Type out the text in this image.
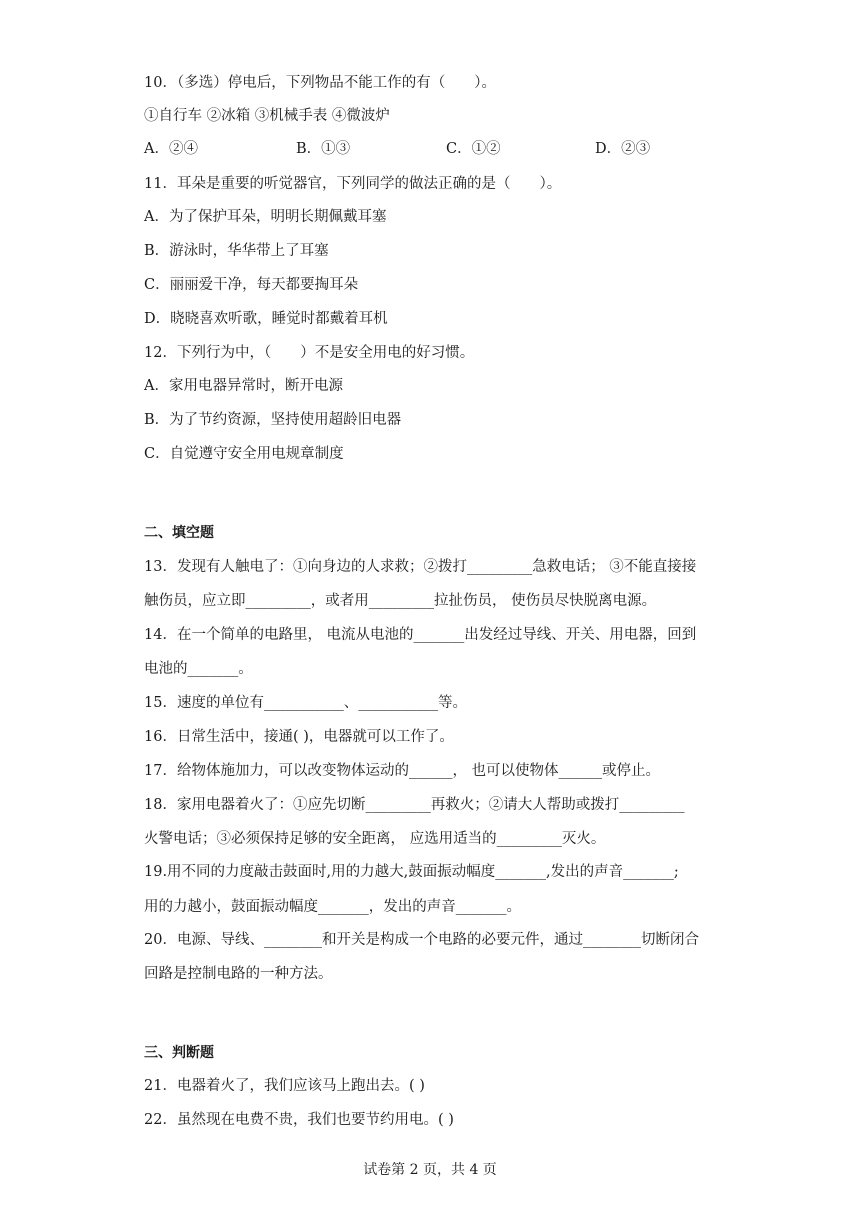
10．（多选）停电后，下列物品不能工作的有（　　）。
①自行车 ②冰箱 ③机械手表 ④微波炉
A．②④	B．①③	C．①②	D．②③
11．耳朵是重要的听觉器官，下列同学的做法正确的是（　　）。
A．为了保护耳朵，明明长期佩戴耳塞
B．游泳时，华华带上了耳塞
C．丽丽爱干净，每天都要掏耳朵
D．晓晓喜欢听歌，睡觉时都戴着耳机
12．下列行为中，（　　）不是安全用电的好习惯。
A．家用电器异常时，断开电源
B．为了节约资源，坚持使用超龄旧电器
C．自觉遵守安全用电规章制度
二、填空题
13．发现有人触电了：①向身边的人求救；②拨打_________急救电话； ③不能直接接
触伤员，应立即_________，或者用_________拉扯伤员， 使伤员尽快脱离电源。
14．在一个简单的电路里， 电流从电池的_______出发经过导线、开关、用电器，回到
电池的_______。
15．速度的单位有___________、___________等。
16．日常生活中，接通( )，电器就可以工作了。
17．给物体施加力，可以改变物体运动的______， 也可以使物体______或停止。
18．家用电器着火了：①应先切断_________再救火；②请大人帮助或拨打_________
火警电话；③必须保持足够的安全距离， 应选用适当的_________灭火。
19.用不同的力度敲击鼓面时,用的力越大,鼓面振动幅度_______,发出的声音_______;
用的力越小，鼓面振动幅度_______，发出的声音_______。
20．电源、导线、________和开关是构成一个电路的必要元件，通过________切断闭合
回路是控制电路的一种方法。
三、判断题
21．电器着火了，我们应该马上跑出去。( )
22．虽然现在电费不贵，我们也要节约用电。( )
试卷第 2 页，共 4 页
